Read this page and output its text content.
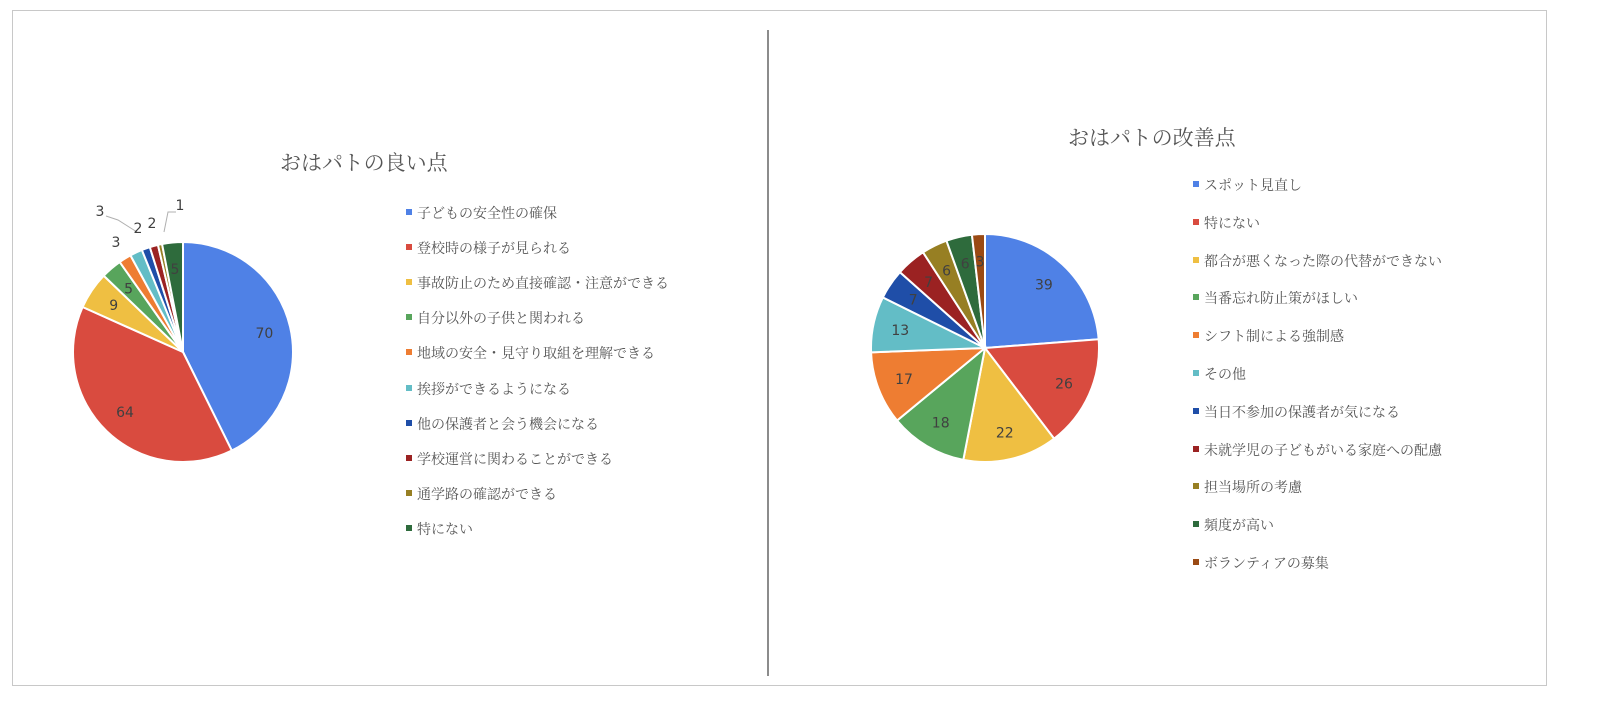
おはパトの良い点
おはパトの改善点
70
64
9
5
3
3
2 2
1
5
39
26
22
18
17
13
7
7
6 6 3
子どもの安全性の確保
登校時の様子が見られる
事故防止のため直接確認・注意ができる
自分以外の子供と関われる
地域の安全・見守り取組を理解できる
挨拶ができるようになる
他の保護者と会う機会になる
学校運営に関わることができる
通学路の確認ができる
特にない
スポット見直し
特にない
都合が悪くなった際の代替ができない
当番忘れ防止策がほしい
シフト制による強制感
その他
当日不参加の保護者が気になる
未就学児の子どもがいる家庭への配慮
担当場所の考慮
頻度が高い
ボランティアの募集
